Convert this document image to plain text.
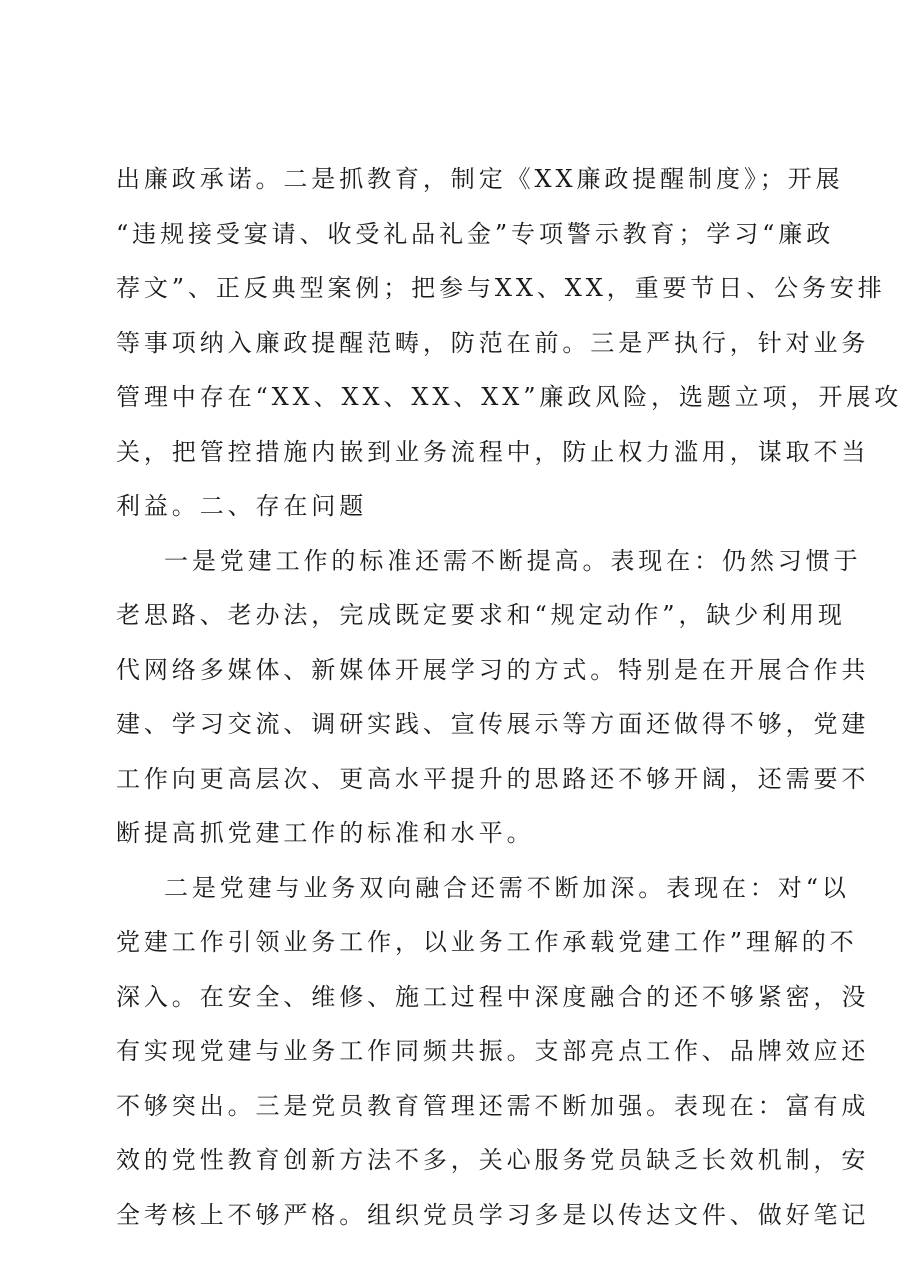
出廉政承诺。二是抓教育，制定《XX廉政提醒制度》；开展
“违规接受宴请、收受礼品礼金”专项警示教育；学习“廉政
荐文”、正反典型案例；把参与XX、XX，重要节日、公务安排
等事项纳入廉政提醒范畴，防范在前。三是严执行，针对业务
管理中存在“XX、XX、XX、XX”廉政风险，选题立项，开展攻
关，把管控措施内嵌到业务流程中，防止权力滥用，谋取不当
利益。二、存在问题
一是党建工作的标准还需不断提高。表现在：仍然习惯于
老思路、老办法，完成既定要求和“规定动作”，缺少利用现
代网络多媒体、新媒体开展学习的方式。特别是在开展合作共
建、学习交流、调研实践、宣传展示等方面还做得不够，党建
工作向更高层次、更高水平提升的思路还不够开阔，还需要不
断提高抓党建工作的标准和水平。
二是党建与业务双向融合还需不断加深。表现在：对“以
党建工作引领业务工作，以业务工作承载党建工作”理解的不
深入。在安全、维修、施工过程中深度融合的还不够紧密，没
有实现党建与业务工作同频共振。支部亮点工作、品牌效应还
不够突出。三是党员教育管理还需不断加强。表现在：富有成
效的党性教育创新方法不多，关心服务党员缺乏长效机制，安
全考核上不够严格。组织党员学习多是以传达文件、做好笔记
